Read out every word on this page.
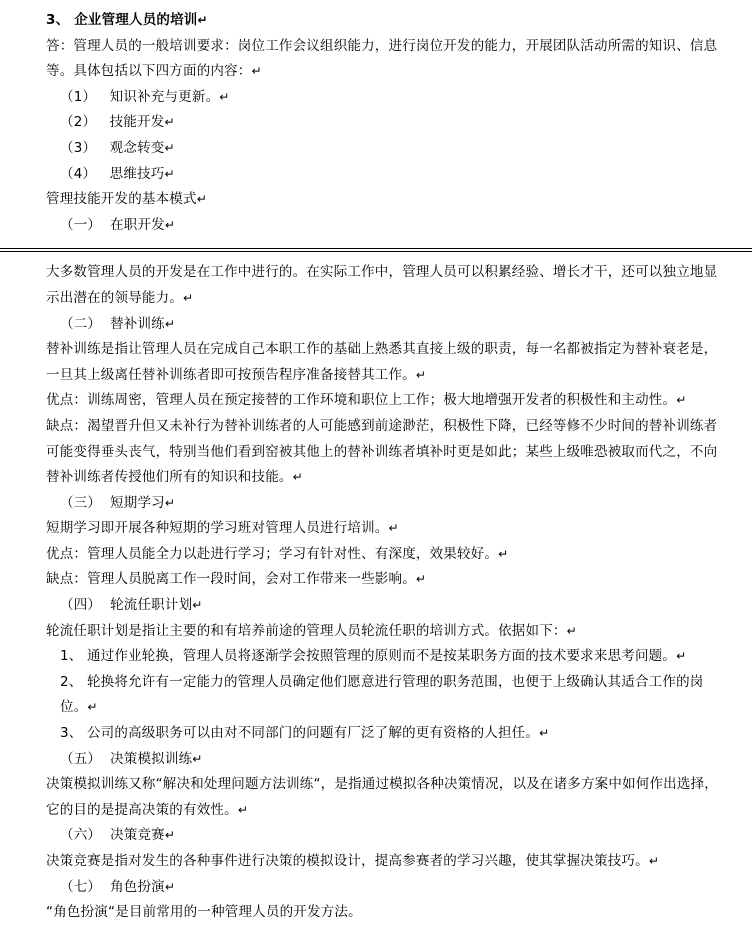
3、 企业管理人员的培训↵
答：管理人员的一般培训要求：岗位工作会议组织能力，进行岗位开发的能力，开展团队活动所需的知识、信息等。具体包括以下四方面的内容：↵
（1）   知识补充与更新。↵
（2）   技能开发↵
（3）   观念转变↵
（4）   思维技巧↵
管理技能开发的基本模式↵
（一）  在职开发↵
大多数管理人员的开发是在工作中进行的。在实际工作中，管理人员可以积累经验、增长才干，还可以独立地显示出潜在的领导能力。↵
（二）  替补训练↵
替补训练是指让管理人员在完成自己本职工作的基础上熟悉其直接上级的职责，每一名都被指定为替补衰老是，一旦其上级离任替补训练者即可按预告程序准备接替其工作。↵
优点：训练周密，管理人员在预定接替的工作环境和职位上工作；极大地增强开发者的积极性和主动性。↵
缺点：渴望晋升但又未补行为替补训练者的人可能感到前途渺茫，积极性下降，已经等修不少时间的替补训练者可能变得垂头丧气，特别当他们看到窑被其他上的替补训练者填补时更是如此；某些上级唯恐被取而代之，不向替补训练者传授他们所有的知识和技能。↵
（三）  短期学习↵
短期学习即开展各种短期的学习班对管理人员进行培训。↵
优点：管理人员能全力以赴进行学习；学习有针对性、有深度，效果较好。↵
缺点：管理人员脱离工作一段时间，会对工作带来一些影响。↵
（四）  轮流任职计划↵
轮流任职计划是指让主要的和有培养前途的管理人员轮流任职的培训方式。依据如下：↵
1、 通过作业轮换，管理人员将逐渐学会按照管理的原则而不是按某职务方面的技术要求来思考问题。↵
2、 轮换将允许有一定能力的管理人员确定他们愿意进行管理的职务范围，也便于上级确认其适合工作的岗位。↵
3、 公司的高级职务可以由对不同部门的问题有厂泛了解的更有资格的人担任。↵
（五）  决策模拟训练↵
决策模拟训练又称“解决和处理问题方法训练“，是指通过模拟各种决策情况，以及在诸多方案中如何作出选择，它的目的是提高决策的有效性。↵
（六）  决策竞赛↵
决策竞赛是指对发生的各种事件进行决策的模拟设计，提高参赛者的学习兴趣，使其掌握决策技巧。↵
（七）  角色扮演↵
“角色扮演“是目前常用的一种管理人员的开发方法。
